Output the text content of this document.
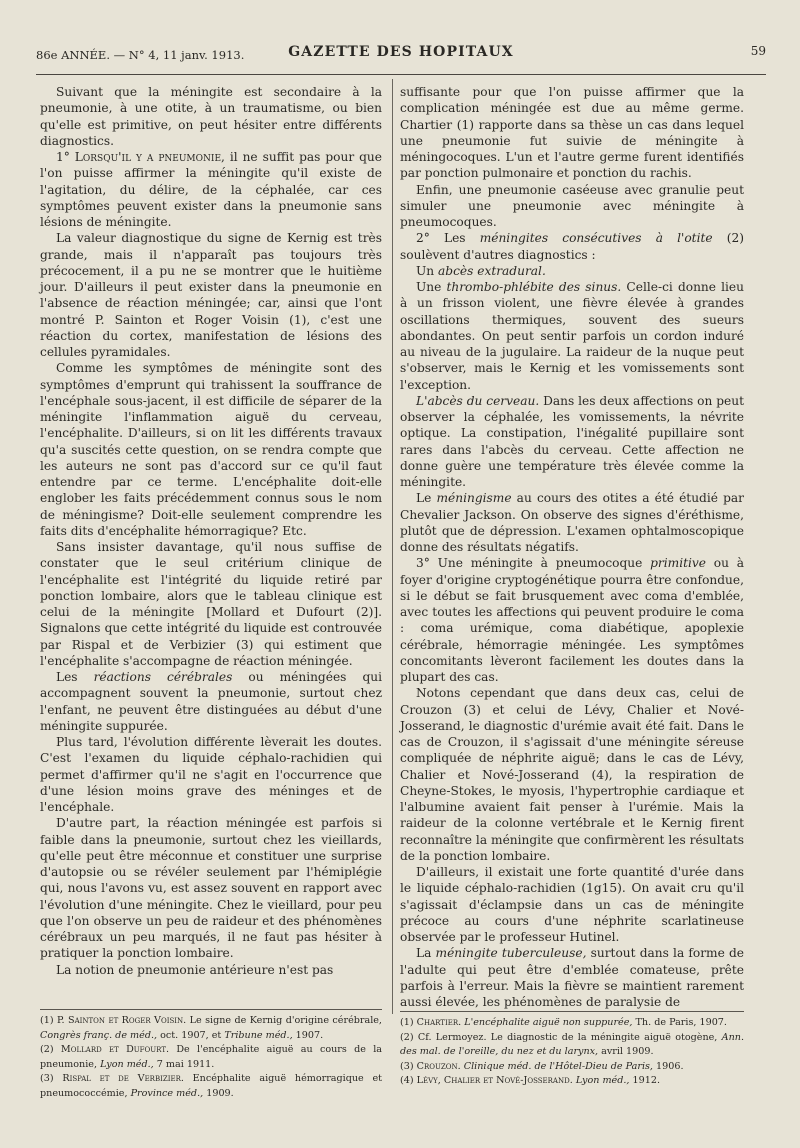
86e ANNÉE. — N° 4, 11 janv. 1913.	GAZETTE DES HOPITAUX	59

Suivant que la méningite est secondaire à la pneumonie, à une otite, à un traumatisme, ou bien qu'elle est primitive, on peut hésiter entre différents diagnostics.

1° Lorsqu'il y a pneumonie, il ne suffit pas pour que l'on puisse affirmer la méningite qu'il existe de l'agitation, du délire, de la céphalée, car ces symptômes peuvent exister dans la pneumonie sans lésions de méningite.

La valeur diagnostique du signe de Kernig est très grande, mais il n'apparaît pas toujours très précocement, il a pu ne se montrer que le huitième jour. D'ailleurs il peut exister dans la pneumonie en l'absence de réaction méningée; car, ainsi que l'ont montré P. Sainton et Roger Voisin (1), c'est une réaction du cortex, manifestation de lésions des cellules pyramidales.

Comme les symptômes de méningite sont des symptômes d'emprunt qui trahissent la souffrance de l'encéphale sous-jacent, il est difficile de séparer de la méningite l'inflammation aiguë du cerveau, l'encéphalite. D'ailleurs, si on lit les différents travaux qu'a suscités cette question, on se rendra compte que les auteurs ne sont pas d'accord sur ce qu'il faut entendre par ce terme. L'encéphalite doit-elle englober les faits précédemment connus sous le nom de méningisme? Doit-elle seulement comprendre les faits dits d'encéphalite hémorragique? Etc.

Sans insister davantage, qu'il nous suffise de constater que le seul critérium clinique de l'encéphalite est l'intégrité du liquide retiré par ponction lombaire, alors que le tableau clinique est celui de la méningite [Mollard et Dufourt (2)]. Signalons que cette intégrité du liquide est controuvée par Rispal et de Verbizier (3) qui estiment que l'encéphalite s'accompagne de réaction méningée.

Les réactions cérébrales ou méningées qui accompagnent souvent la pneumonie, surtout chez l'enfant, ne peuvent être distinguées au début d'une méningite suppurée.

Plus tard, l'évolution différente lèverait les doutes. C'est l'examen du liquide céphalo-rachidien qui permet d'affirmer qu'il ne s'agit en l'occurrence que d'une lésion moins grave des méninges et de l'encéphale.

D'autre part, la réaction méningée est parfois si faible dans la pneumonie, surtout chez les vieillards, qu'elle peut être méconnue et constituer une surprise d'autopsie ou se révéler seulement par l'hémiplégie qui, nous l'avons vu, est assez souvent en rapport avec l'évolution d'une méningite. Chez le vieillard, pour peu que l'on observe un peu de raideur et des phénomènes cérébraux un peu marqués, il ne faut pas hésiter à pratiquer la ponction lombaire.

La notion de pneumonie antérieure n'est pas

suffisante pour que l'on puisse affirmer que la complication méningée est due au même germe. Chartier (1) rapporte dans sa thèse un cas dans lequel une pneumonie fut suivie de méningite à méningocoques. L'un et l'autre germe furent identifiés par ponction pulmonaire et ponction du rachis.

Enfin, une pneumonie caséeuse avec granulie peut simuler une pneumonie avec méningite à pneumocoques.

2° Les méningites consécutives à l'otite (2) soulèvent d'autres diagnostics :

Un abcès extradural.

Une thrombo-phlébite des sinus. Celle-ci donne lieu à un frisson violent, une fièvre élevée à grandes oscillations thermiques, souvent des sueurs abondantes. On peut sentir parfois un cordon induré au niveau de la jugulaire. La raideur de la nuque peut s'observer, mais le Kernig et les vomissements sont l'exception.

L'abcès du cerveau. Dans les deux affections on peut observer la céphalée, les vomissements, la névrite optique. La constipation, l'inégalité pupillaire sont rares dans l'abcès du cerveau. Cette affection ne donne guère une température très élevée comme la méningite.

Le méningisme au cours des otites a été étudié par Chevalier Jackson. On observe des signes d'éréthisme, plutôt que de dépression. L'examen ophtalmoscopique donne des résultats négatifs.

3° Une méningite à pneumocoque primitive ou à foyer d'origine cryptogénétique pourra être confondue, si le début se fait brusquement avec coma d'emblée, avec toutes les affections qui peuvent produire le coma : coma urémique, coma diabétique, apoplexie cérébrale, hémorragie méningée. Les symptômes concomitants lèveront facilement les doutes dans la plupart des cas.

Notons cependant que dans deux cas, celui de Crouzon (3) et celui de Lévy, Chalier et Nové-Josserand, le diagnostic d'urémie avait été fait. Dans le cas de Crouzon, il s'agissait d'une méningite séreuse compliquée de néphrite aiguë; dans le cas de Lévy, Chalier et Nové-Josserand (4), la respiration de Cheyne-Stokes, le myosis, l'hypertrophie cardiaque et l'albumine avaient fait penser à l'urémie. Mais la raideur de la colonne vertébrale et le Kernig firent reconnaître la méningite que confirmèrent les résultats de la ponction lombaire.

D'ailleurs, il existait une forte quantité d'urée dans le liquide céphalo-rachidien (1g15). On avait cru qu'il s'agissait d'éclampsie dans un cas de méningite précoce au cours d'une néphrite scarlatineuse observée par le professeur Hutinel.

La méningite tuberculeuse, surtout dans la forme de l'adulte qui peut être d'emblée comateuse, prête parfois à l'erreur. Mais la fièvre se maintient rarement aussi élevée, les phénomènes de paralysie de

(1) P. Sainton et Roger Voisin. Le signe de Kernig d'origine cérébrale, Congrès franç. de méd., oct. 1907, et Tribune méd., 1907.

(2) Mollard et Dufourt. De l'encéphalite aiguë au cours de la pneumonie, Lyon méd., 7 mai 1911.

(3) Rispal et de Verbizier. Encéphalite aiguë hémorragique et pneumococcémie, Province méd., 1909.

(1) Chartier. L'encéphalite aiguë non suppurée, Th. de Paris, 1907.

(2) Cf. Lermoyez. Le diagnostic de la méningite aiguë otogène, Ann. des mal. de l'oreille, du nez et du larynx, avril 1909.

(3) Crouzon. Clinique méd. de l'Hôtel-Dieu de Paris, 1906.

(4) Lévy, Chalier et Nové-Josserand. Lyon méd., 1912.
